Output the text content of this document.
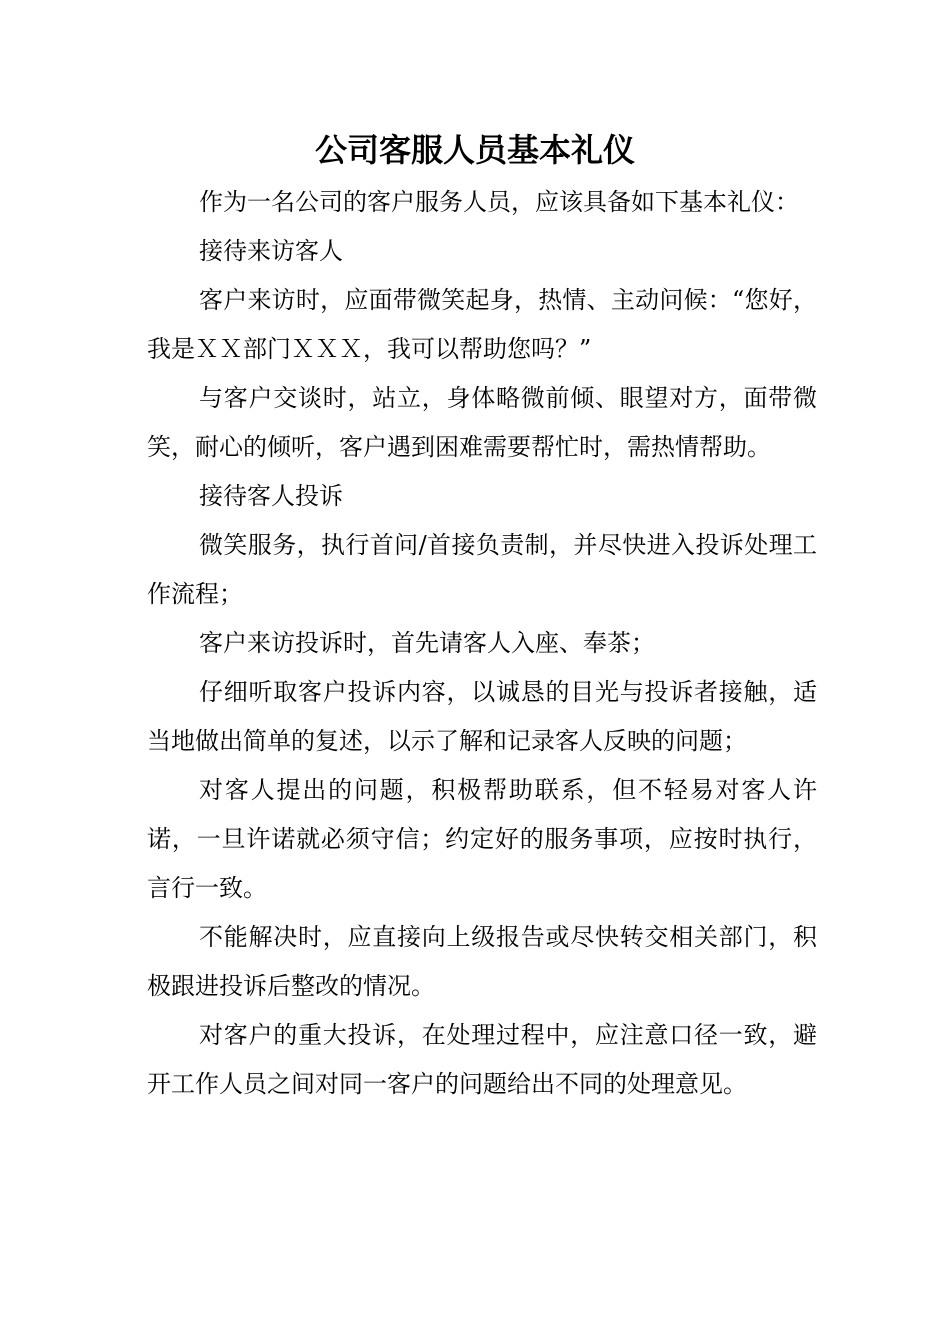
公司客服人员基本礼仪

作为一名公司的客户服务人员，应该具备如下基本礼仪：

接待来访客人

客户来访时，应面带微笑起身，热情、主动问候：“您好，我是ＸＸ部门ＸＸＸ，我可以帮助您吗？”

与客户交谈时，站立，身体略微前倾、眼望对方，面带微笑，耐心的倾听，客户遇到困难需要帮忙时，需热情帮助。

接待客人投诉

微笑服务，执行首问/首接负责制，并尽快进入投诉处理工作流程；

客户来访投诉时，首先请客人入座、奉茶；

仔细听取客户投诉内容，以诚恳的目光与投诉者接触，适当地做出简单的复述，以示了解和记录客人反映的问题；

对客人提出的问题，积极帮助联系，但不轻易对客人许诺，一旦许诺就必须守信；约定好的服务事项，应按时执行，言行一致。

不能解决时，应直接向上级报告或尽快转交相关部门，积极跟进投诉后整改的情况。

对客户的重大投诉，在处理过程中，应注意口径一致，避开工作人员之间对同一客户的问题给出不同的处理意见。
